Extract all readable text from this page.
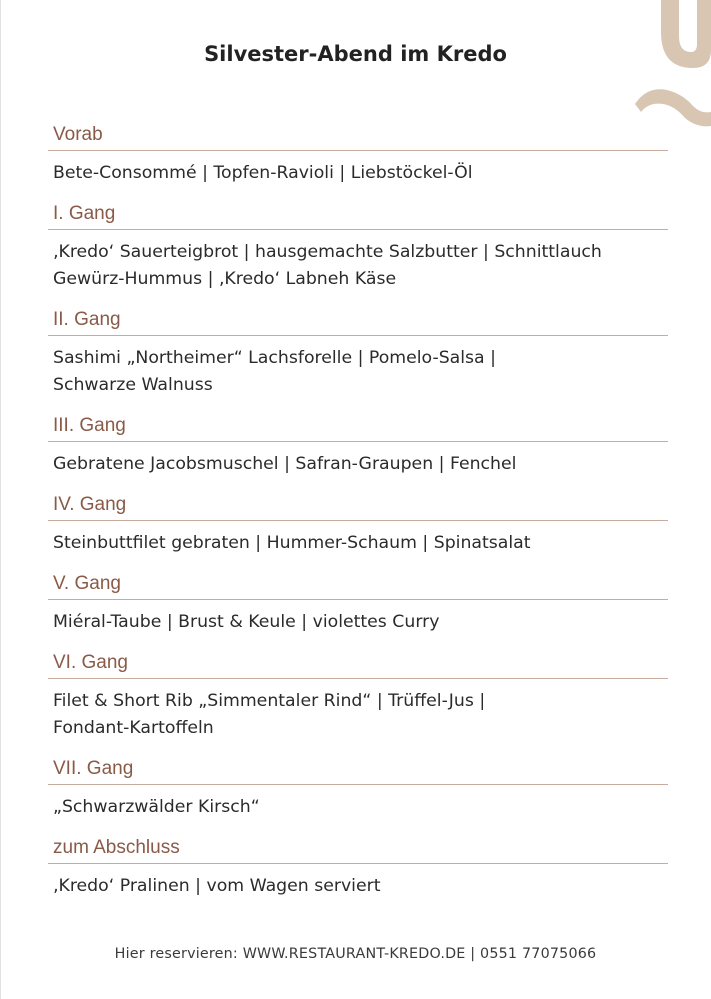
Silvester-Abend im Kredo
Vorab
Bete-Consommé | Topfen-Ravioli | Liebstöckel-Öl
I. Gang
‚Kredo‘ Sauerteigbrot | hausgemachte Salzbutter | Schnittlauch
Gewürz-Hummus | ‚Kredo‘ Labneh Käse
II. Gang
Sashimi „Northeimer“ Lachsforelle | Pomelo-Salsa |
Schwarze Walnuss
III. Gang
Gebratene Jacobsmuschel | Safran-Graupen | Fenchel
IV. Gang
Steinbuttfilet gebraten | Hummer-Schaum | Spinatsalat
V. Gang
Miéral-Taube | Brust & Keule | violettes Curry
VI. Gang
Filet & Short Rib „Simmentaler Rind“ | Trüffel-Jus |
Fondant-Kartoffeln
VII. Gang
„Schwarzwälder Kirsch“
zum Abschluss
‚Kredo‘ Pralinen | vom Wagen serviert
Hier reservieren: WWW.RESTAURANT-KREDO.DE | 0551 77075066
